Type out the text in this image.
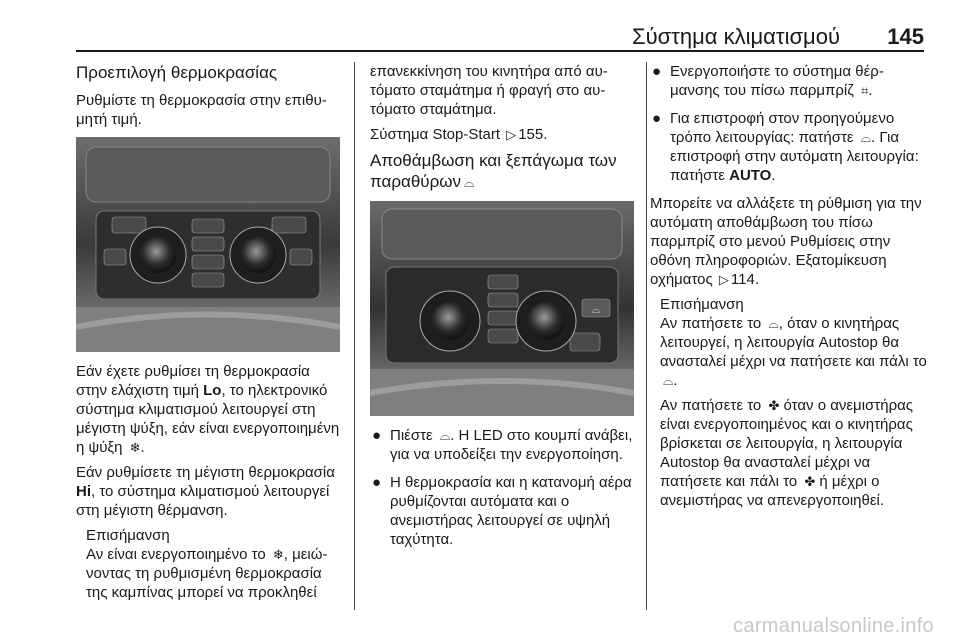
Σύστημα κλιματισμού 145
Προεπιλογή θερμοκρασίας

Ρυθμίστε τη θερμοκρασία στην επιθυμητή τιμή.

Εάν έχετε ρυθμίσει τη θερμοκρασία στην ελάχιστη τιμή Lo, το ηλεκτρονικό σύστημα κλιματισμού λειτουργεί στη μέγιστη ψύξη, εάν είναι ενεργοποιημένη η ψύξη ❄.

Εάν ρυθμίσετε τη μέγιστη θερμοκρασία Hi, το σύστημα κλιματισμού λειτουργεί στη μέγιστη θέρμανση.

Επισήμανση
Αν είναι ενεργοποιημένο το ❄, μειώνοντας τη ρυθμισμένη θερμοκρασία της καμπίνας μπορεί να προκληθεί

επανεκκίνηση του κινητήρα από αυτόματο σταμάτημα ή φραγή στο αυτόματο σταμάτημα.

Σύστημα Stop-Start ▷ 155.

Αποθάμβωση και ξεπάγωμα των παραθύρων ⌓
⌓
● Πιέστε ⌓. Η LED στο κουμπί ανάβει, για να υποδείξει την ενεργοποίηση.
● Η θερμοκρασία και η κατανομή αέρα ρυθμίζονται αυτόματα και ο ανεμιστήρας λειτουργεί σε υψηλή ταχύτητα.
● Ενεργοποιήστε το σύστημα θέρμανσης του πίσω παρμπρίζ ⌗.
● Για επιστροφή στον προηγούμενο τρόπο λειτουργίας: πατήστε ⌓. Για επιστροφή στην αυτόματη λειτουργία: πατήστε AUTO.

Μπορείτε να αλλάξετε τη ρύθμιση για την αυτόματη αποθάμβωση του πίσω παρμπρίζ στο μενού Ρυθμίσεις στην οθόνη πληροφοριών. Εξατομίκευση οχήματος ▷ 114.

Επισήμανση

Αν πατήσετε το ⌓, όταν ο κινητήρας λειτουργεί, η λειτουργία Autostop θα ανασταλεί μέχρι να πατήσετε και πάλι το ⌓.

Αν πατήσετε το ✤ όταν ο ανεμιστήρας είναι ενεργοποιημένος και ο κινητήρας βρίσκεται σε λειτουργία, η λειτουργία Autostop θα ανασταλεί μέχρι να πατήσετε και πάλι το ✤ ή μέχρι ο ανεμιστήρας να απενεργοποιηθεί.

carmanualsonline.info
